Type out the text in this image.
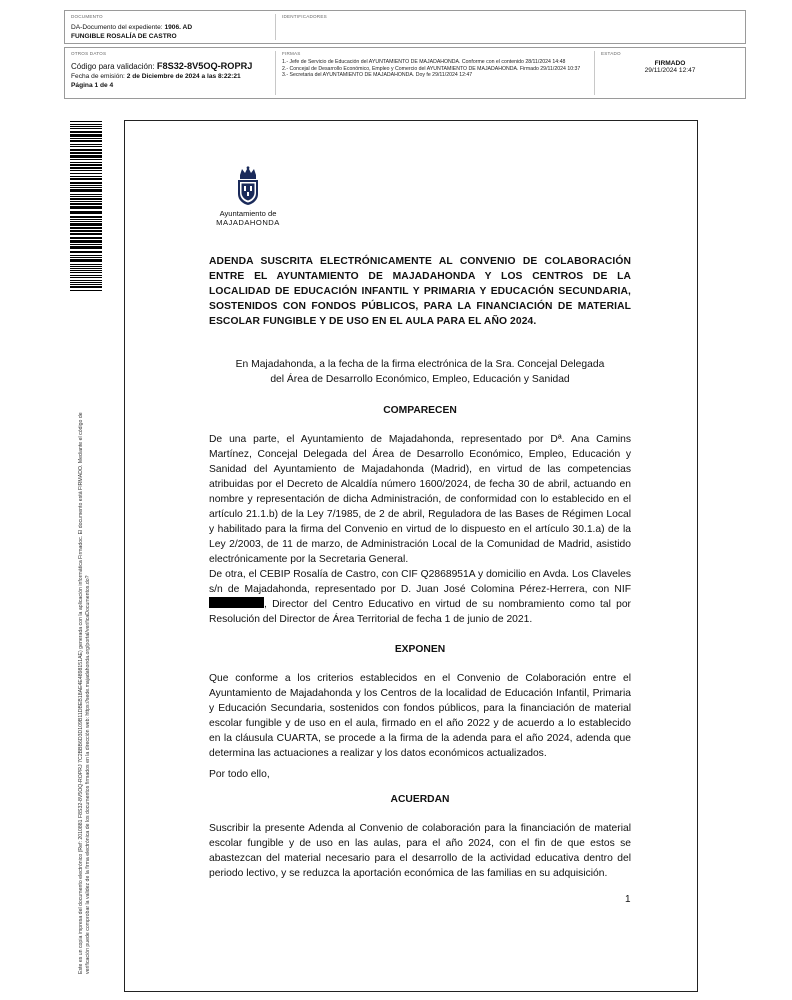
DOCUMENTO
DA-Documento del expediente: 1906. AD
FUNGIBLE ROSALÍA DE CASTRO
IDENTIFICADORES
OTROS DATOS
Código para validación: F8S32-8V5OQ-ROPRJ
Fecha de emisión: 2 de Diciembre de 2024 a las 8:22:21
Página 1 de 4
FIRMAS
1.- Jefe de Servicio de Educación del AYUNTAMIENTO DE MAJADAHONDA. Conforme con el contenido 28/11/2024 14:48
2.- Concejal de Desarrollo Económico, Empleo y Comercio del AYUNTAMIENTO DE MAJADAHONDA. Firmado 29/11/2024 10:37
3.- Secretaria del AYUNTAMIENTO DE MAJADAHONDA. Doy fe 29/11/2024 12:47
ESTADO
FIRMADO
29/11/2024 12:47
Este es un copia impresa del documento electrónico (Ref: 2010881 F8S32-8V5OQ-ROPRJ 7C2BBB6D3D109B11DBEB18AE4E4898151AE) generada con la aplicación informática Firmadoc. El documento está FIRMADO. Mediante el código de verificación puede comprobar la validez de la firma electrónica de los documentos firmados en la dirección web: https://sede.majadahonda.org/portal/verificaDocumentos.do?
Ayuntamiento de
MAJADAHONDA
ADENDA SUSCRITA ELECTRÓNICAMENTE AL CONVENIO DE COLABORACIÓN ENTRE EL AYUNTAMIENTO DE MAJADAHONDA Y LOS CENTROS DE LA LOCALIDAD DE EDUCACIÓN INFANTIL Y PRIMARIA Y EDUCACIÓN SECUNDARIA, SOSTENIDOS CON FONDOS PÚBLICOS, PARA LA FINANCIACIÓN DE MATERIAL ESCOLAR FUNGIBLE Y DE USO EN EL AULA PARA EL AÑO 2024.
En Majadahonda, a la fecha de la firma electrónica de la Sra. Concejal Delegada
del Área de Desarrollo Económico, Empleo, Educación y Sanidad
COMPARECEN
De una parte, el Ayuntamiento de Majadahonda, representado por Dª. Ana Camins Martínez, Concejal Delegada del Área de Desarrollo Económico, Empleo, Educación y Sanidad del Ayuntamiento de Majadahonda (Madrid), en virtud de las competencias atribuidas por el Decreto de Alcaldía número 1600/2024, de fecha 30 de abril, actuando en nombre y representación de dicha Administración, de conformidad con lo establecido en el artículo 21.1.b) de la Ley 7/1985, de 2 de abril, Reguladora de las Bases de Régimen Local y habilitado para la firma del Convenio en virtud de lo dispuesto en el artículo 30.1.a) de la Ley 2/2003, de 11 de marzo, de Administración Local de la Comunidad de Madrid, asistido electrónicamente por la Secretaria General.
De otra, el CEBIP Rosalía de Castro, con CIF Q2868951A y domicilio en Avda. Los Claveles s/n de Majadahonda, representado por D. Juan José Colomina Pérez-Herrera, con NIF , Director del Centro Educativo en virtud de su nombramiento como tal por Resolución del Director de Área Territorial de fecha 1 de junio de 2021.
EXPONEN
Que conforme a los criterios establecidos en el Convenio de Colaboración entre el Ayuntamiento de Majadahonda y los Centros de la localidad de Educación Infantil, Primaria y Educación Secundaria, sostenidos con fondos públicos, para la financiación de material escolar fungible y de uso en el aula, firmado en el año 2022 y de acuerdo a lo establecido en la cláusula CUARTA, se procede a la firma de la adenda para el año 2024, adenda que determina las actuaciones a realizar y los datos económicos actualizados.
Por todo ello,
ACUERDAN
Suscribir la presente Adenda al Convenio de colaboración para la financiación de material escolar fungible y de uso en las aulas, para el año 2024, con el fin de que estos se abastezcan del material necesario para el desarrollo de la actividad educativa dentro del periodo lectivo, y se reduzca la aportación económica de las familias en su adquisición.
1
